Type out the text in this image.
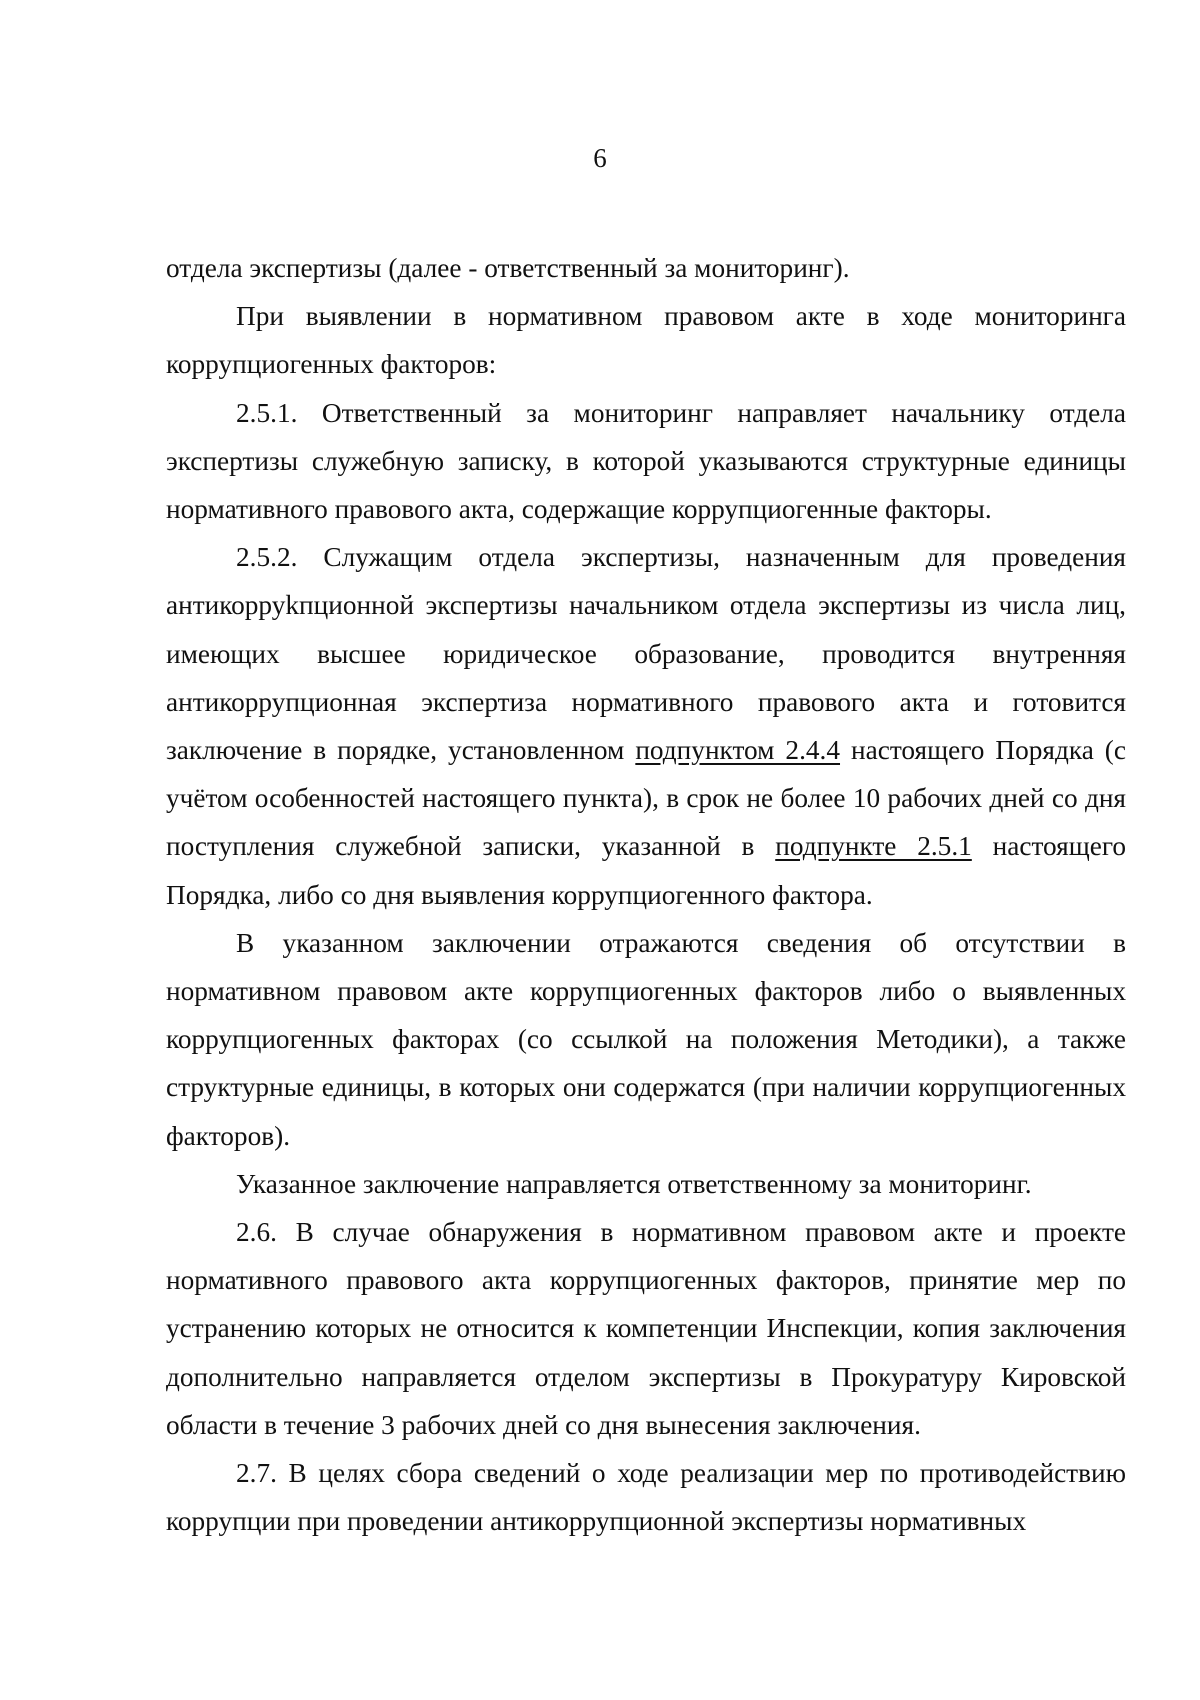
6

отдела экспертизы (далее - ответственный за мониторинг).

При выявлении в нормативном правовом акте в ходе мониторинга коррупциогенных факторов:

2.5.1. Ответственный за мониторинг направляет начальнику отдела экспертизы служебную записку, в которой указываются структурные единицы нормативного правового акта, содержащие коррупциогенные факторы.

2.5.2. Служащим отдела экспертизы, назначенным для проведения антикорруkпционной экспертизы начальником отдела экспертизы из числа лиц, имеющих высшее юридическое образование, проводится внутренняя антикоррупционная экспертиза нормативного правового акта и готовится заключение в порядке, установленном подпунктом 2.4.4 настоящего Порядка (с учётом особенностей настоящего пункта), в срок не более 10 рабочих дней со дня поступления служебной записки, указанной в подпункте 2.5.1 настоящего Порядка, либо со дня выявления коррупциогенного фактора.

В указанном заключении отражаются сведения об отсутствии в нормативном правовом акте коррупциогенных факторов либо о выявленных коррупциогенных факторах (со ссылкой на положения Методики), а также структурные единицы, в которых они содержатся (при наличии коррупциогенных факторов).

Указанное заключение направляется ответственному за мониторинг.

2.6. В случае обнаружения в нормативном правовом акте и проекте нормативного правового акта коррупциогенных факторов, принятие мер по устранению которых не относится к компетенции Инспекции, копия заключения дополнительно направляется отделом экспертизы в Прокуратуру Кировской области в течение 3 рабочих дней со дня вынесения заключения.

2.7. В целях сбора сведений о ходе реализации мер по противодействию коррупции при проведении антикоррупционной экспертизы нормативных
